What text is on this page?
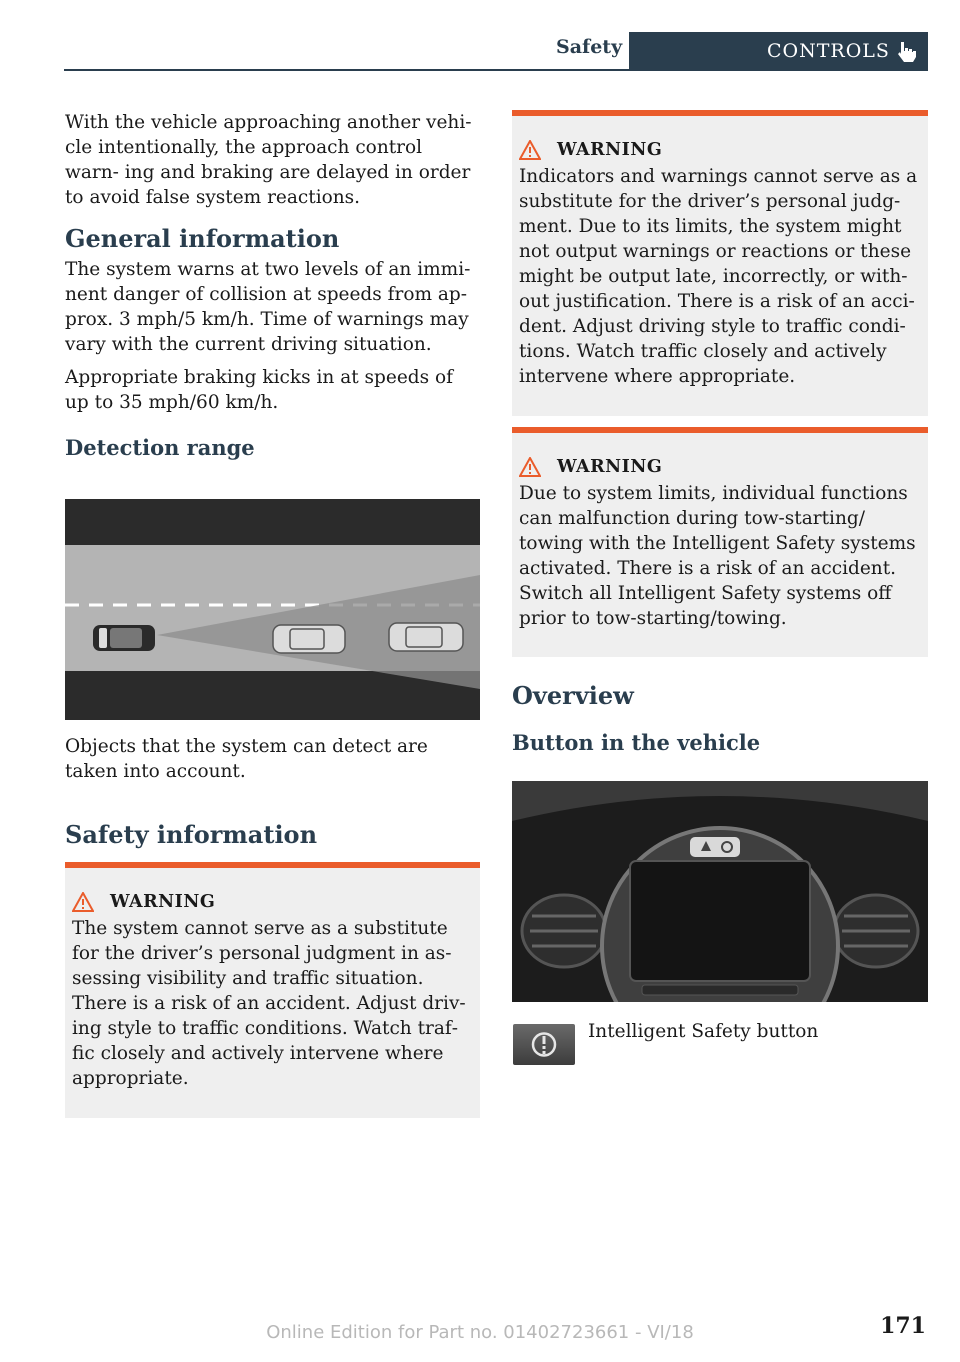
Safety	CONTROLS

With the vehicle approaching another vehi‐ cle intentionally, the approach control warn‐ ing and braking are delayed in order to avoid false system reactions.

General information

The system warns at two levels of an immi‐ nent danger of collision at speeds from ap‐ prox. 3 mph/5 km/h. Time of warnings may vary with the current driving situation.

Appropriate braking kicks in at speeds of up to 35 mph/60 km/h.

Detection range

Objects that the system can detect are taken into account.

Safety information
WARNING

The system cannot serve as a substitute for the driver’s personal judgment in as‐ sessing visibility and traffic situation. There is a risk of an accident. Adjust driv‐ ing style to traffic conditions. Watch traf‐ fic closely and actively intervene where appropriate.

WARNING

Indicators and warnings cannot serve as a substitute for the driver’s personal judg‐ ment. Due to its limits, the system might not output warnings or reactions or these might be output late, incorrectly, or with‐ out justification. There is a risk of an acci‐ dent. Adjust driving style to traffic condi‐ tions. Watch traffic closely and actively intervene where appropriate.

WARNING

Due to system limits, individual functions can malfunction during tow-starting/ towing with the Intelligent Safety systems activated. There is a risk of an accident. Switch all Intelligent Safety systems off prior to tow-starting/towing.

Overview
Button in the vehicle
Intelligent Safety button
171
Online Edition for Part no. 01402723661 - VI/18
